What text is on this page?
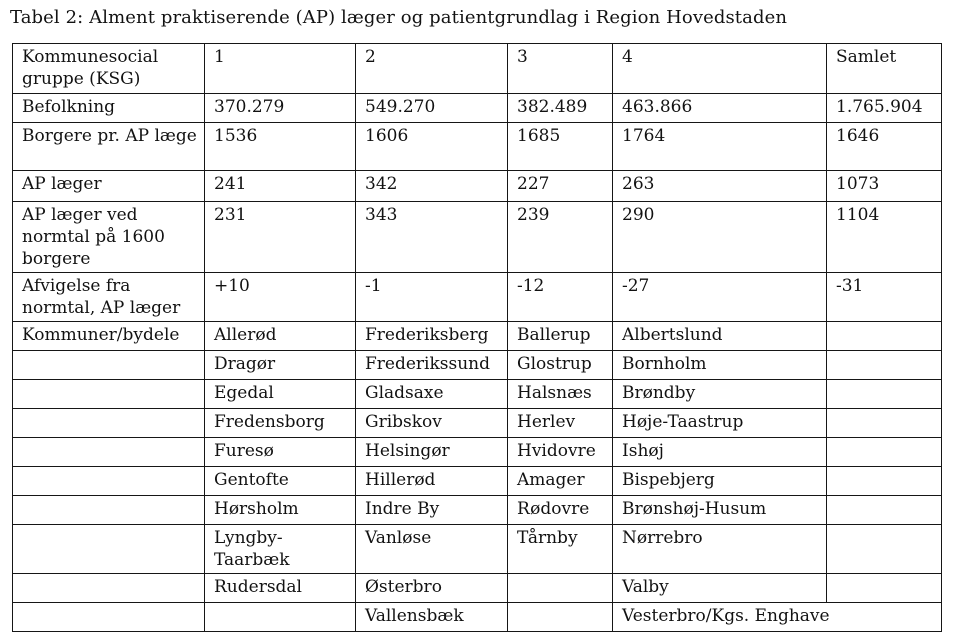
Tabel 2: Alment praktiserende (AP) læger og patientgrundlag i Region Hovedstaden

Kommunesocial gruppe (KSG)	1	2	3	4	Samlet
Befolkning	370.279	549.270	382.489	463.866	1.765.904
Borgere pr. AP læge	1536	1606	1685	1764	1646
AP læger	241	342	227	263	1073
AP læger ved normtal på 1600 borgere	231	343	239	290	1104
Afvigelse fra normtal, AP læger	+10	-1	-12	-27	-31
Kommuner/bydele	Allerød	Frederiksberg	Ballerup	Albertslund	
	Dragør	Frederikssund	Glostrup	Bornholm	
	Egedal	Gladsaxe	Halsnæs	Brøndby	
	Fredensborg	Gribskov	Herlev	Høje-Taastrup	
	Furesø	Helsingør	Hvidovre	Ishøj	
	Gentofte	Hillerød	Amager	Bispebjerg	
	Hørsholm	Indre By	Rødovre	Brønshøj-Husum	
	Lyngby-Taarbæk	Vanløse	Tårnby	Nørrebro	
	Rudersdal	Østerbro		Valby	
		Vallensbæk		Vesterbro/Kgs. Enghave	
